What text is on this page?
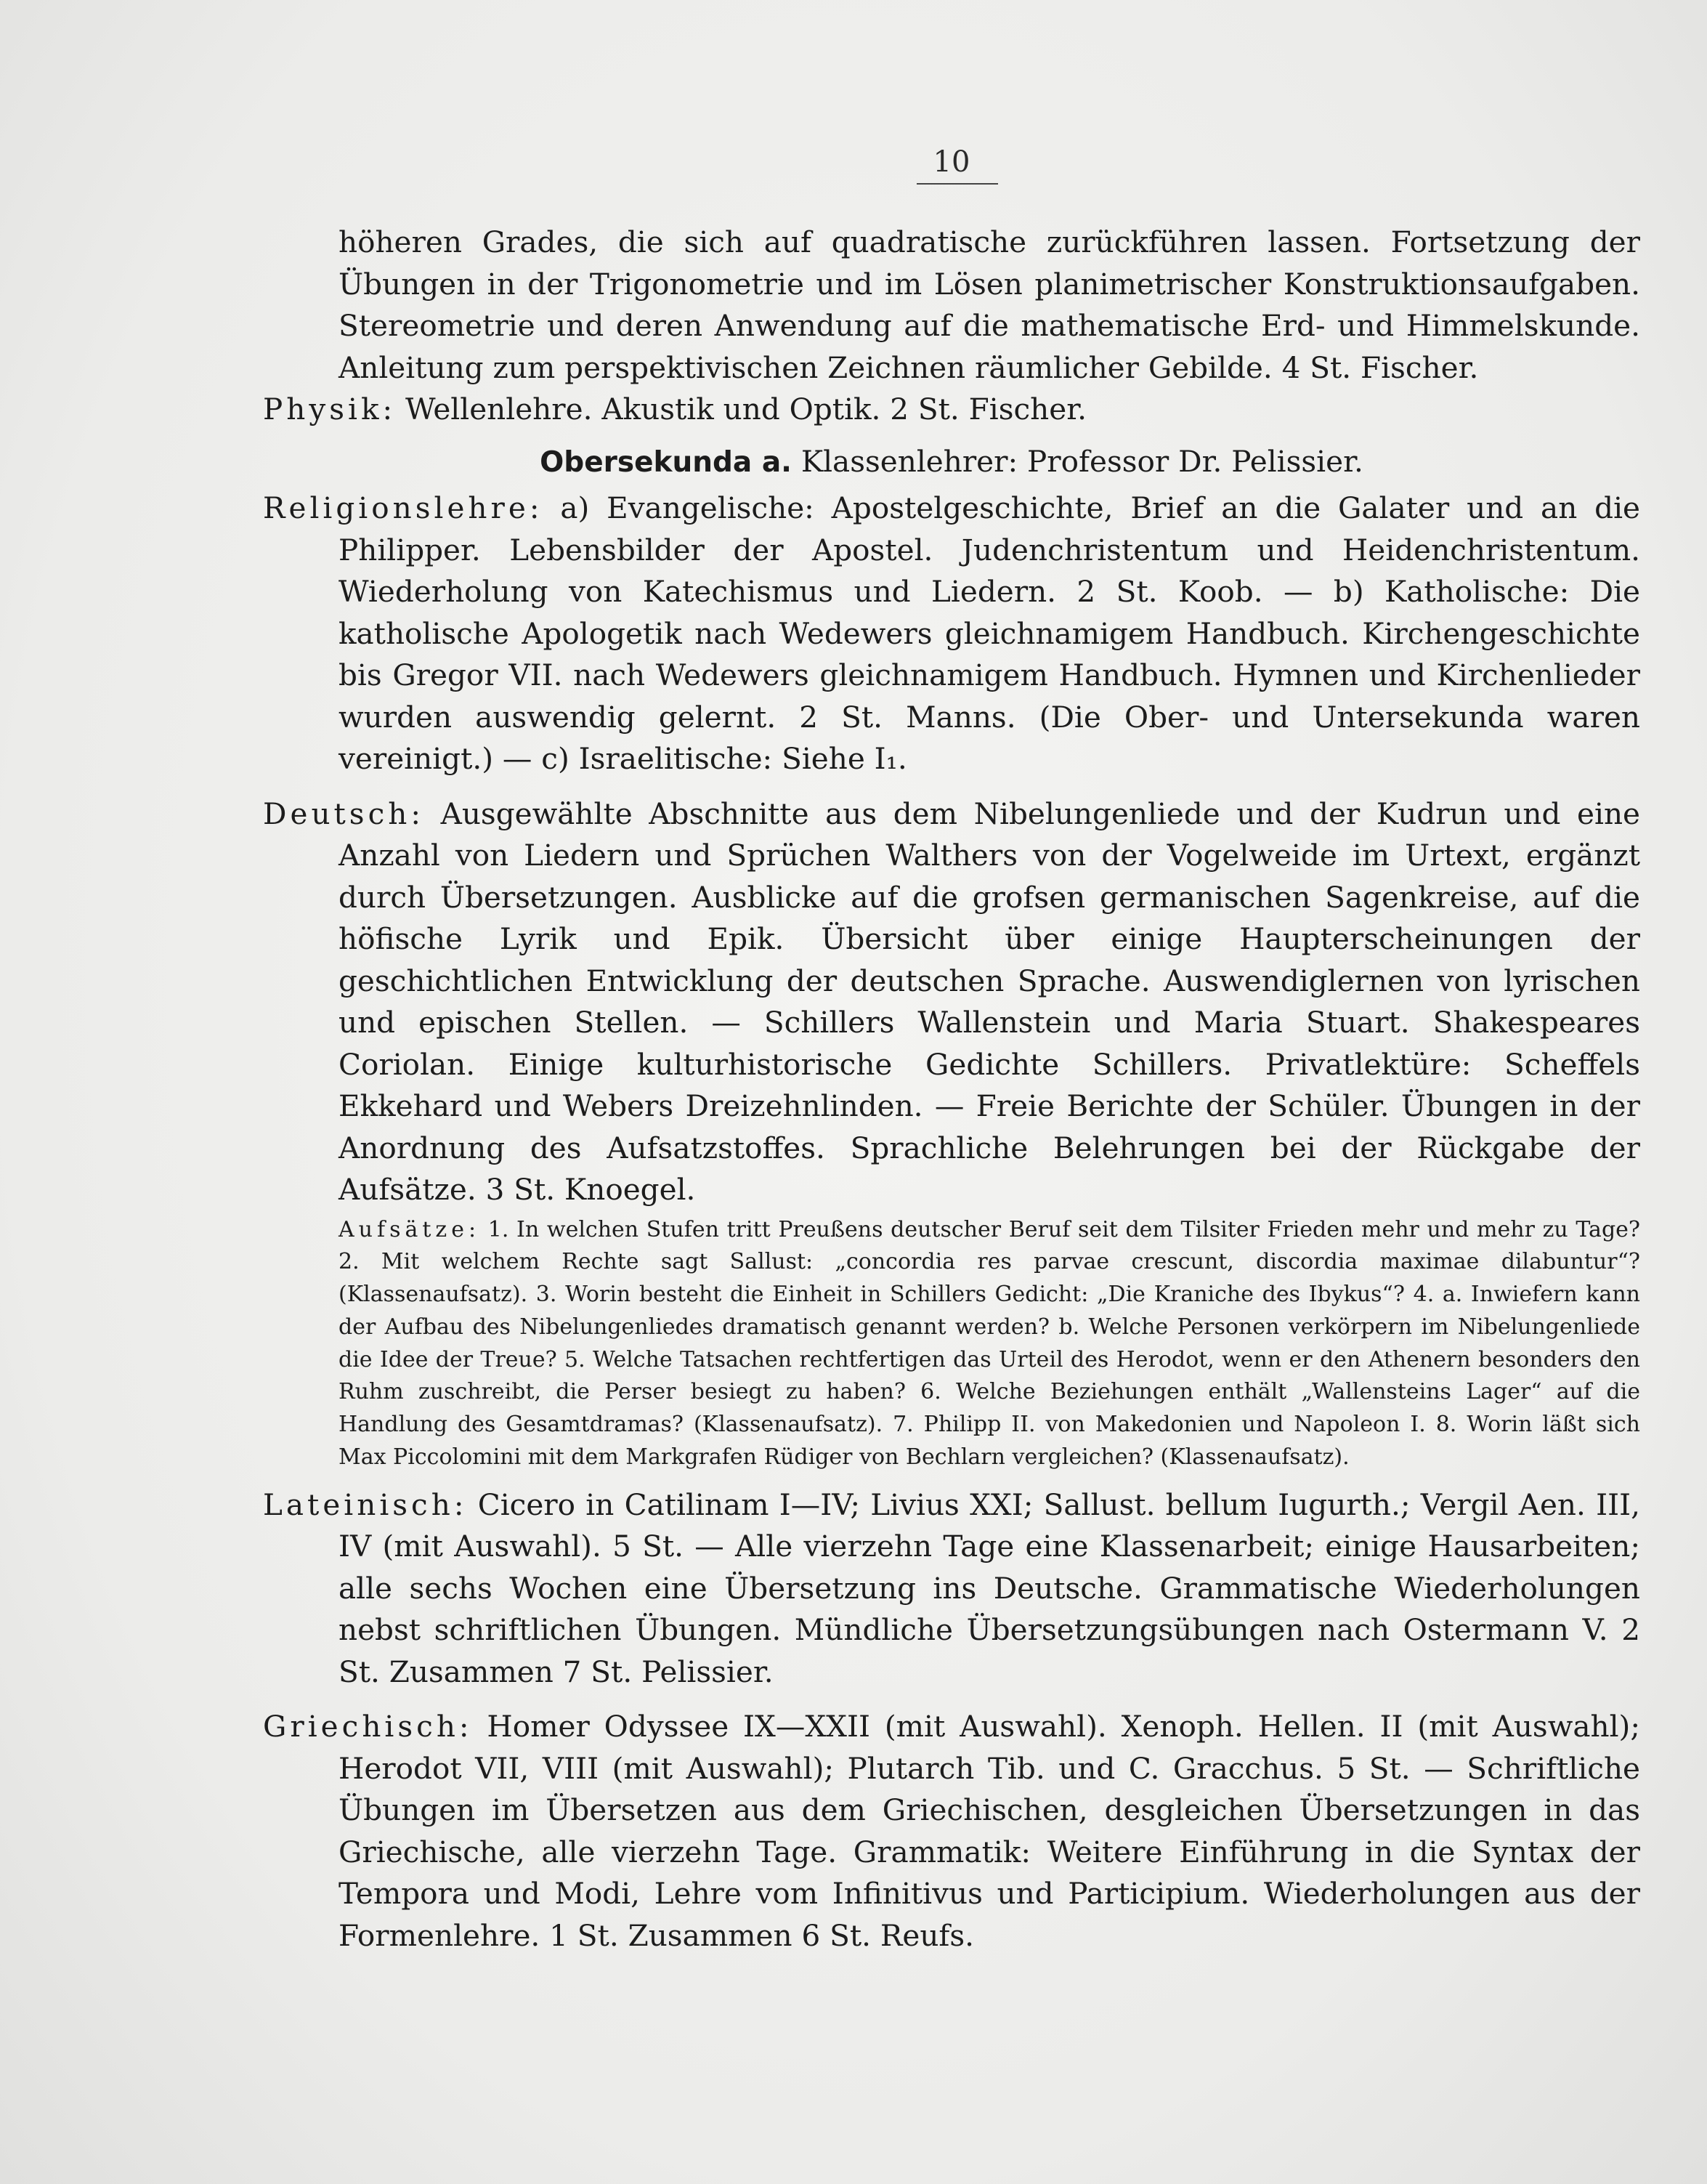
10

höheren Grades, die sich auf quadratische zurückführen lassen. Fortsetzung der Übungen in der Trigonometrie und im Lösen planimetrischer Konstruktionsaufgaben. Stereometrie und deren Anwendung auf die mathematische Erd- und Himmelskunde. Anleitung zum perspektivischen Zeichnen räumlicher Gebilde. 4 St. Fischer.

Physik: Wellenlehre. Akustik und Optik. 2 St. Fischer.

Obersekunda a. Klassenlehrer: Professor Dr. Pelissier.

Religionslehre: a) Evangelische: Apostelgeschichte, Brief an die Galater und an die Philipper. Lebensbilder der Apostel. Judenchristentum und Heidenchristentum. Wiederholung von Katechismus und Liedern. 2 St. Koob. — b) Katholische: Die katholische Apologetik nach Wedewers gleichnamigem Handbuch. Kirchengeschichte bis Gregor VII. nach Wedewers gleichnamigem Handbuch. Hymnen und Kirchenlieder wurden auswendig gelernt. 2 St. Manns. (Die Ober- und Untersekunda waren vereinigt.) — c) Israelitische: Siehe I₁.

Deutsch: Ausgewählte Abschnitte aus dem Nibelungenliede und der Kudrun und eine Anzahl von Liedern und Sprüchen Walthers von der Vogelweide im Urtext, ergänzt durch Übersetzungen. Ausblicke auf die grofsen germanischen Sagenkreise, auf die höfische Lyrik und Epik. Übersicht über einige Haupterscheinungen der geschichtlichen Entwicklung der deutschen Sprache. Auswendiglernen von lyrischen und epischen Stellen. — Schillers Wallenstein und Maria Stuart. Shakespeares Coriolan. Einige kulturhistorische Gedichte Schillers. Privatlektüre: Scheffels Ekkehard und Webers Dreizehnlinden. — Freie Berichte der Schüler. Übungen in der Anordnung des Aufsatzstoffes. Sprachliche Belehrungen bei der Rückgabe der Aufsätze. 3 St. Knoegel.

Aufsätze: 1. In welchen Stufen tritt Preußens deutscher Beruf seit dem Tilsiter Frieden mehr und mehr zu Tage? 2. Mit welchem Rechte sagt Sallust: „concordia res parvae crescunt, discordia maximae dilabuntur“? (Klassenaufsatz). 3. Worin besteht die Einheit in Schillers Gedicht: „Die Kraniche des Ibykus“? 4. a. Inwiefern kann der Aufbau des Nibelungenliedes dramatisch genannt werden? b. Welche Personen verkörpern im Nibelungenliede die Idee der Treue? 5. Welche Tatsachen rechtfertigen das Urteil des Herodot, wenn er den Athenern besonders den Ruhm zuschreibt, die Perser besiegt zu haben? 6. Welche Beziehungen enthält „Wallensteins Lager“ auf die Handlung des Gesamtdramas? (Klassenaufsatz). 7. Philipp II. von Makedonien und Napoleon I. 8. Worin läßt sich Max Piccolomini mit dem Markgrafen Rüdiger von Bechlarn vergleichen? (Klassenaufsatz).

Lateinisch: Cicero in Catilinam I—IV; Livius XXI; Sallust. bellum Iugurth.; Vergil Aen. III, IV (mit Auswahl). 5 St. — Alle vierzehn Tage eine Klassenarbeit; einige Hausarbeiten; alle sechs Wochen eine Übersetzung ins Deutsche. Grammatische Wiederholungen nebst schriftlichen Übungen. Mündliche Übersetzungsübungen nach Ostermann V. 2 St. Zusammen 7 St. Pelissier.

Griechisch: Homer Odyssee IX—XXII (mit Auswahl). Xenoph. Hellen. II (mit Auswahl); Herodot VII, VIII (mit Auswahl); Plutarch Tib. und C. Gracchus. 5 St. — Schriftliche Übungen im Übersetzen aus dem Griechischen, desgleichen Übersetzungen in das Griechische, alle vierzehn Tage. Grammatik: Weitere Einführung in die Syntax der Tempora und Modi, Lehre vom Infinitivus und Participium. Wiederholungen aus der Formenlehre. 1 St. Zusammen 6 St. Reufs.
